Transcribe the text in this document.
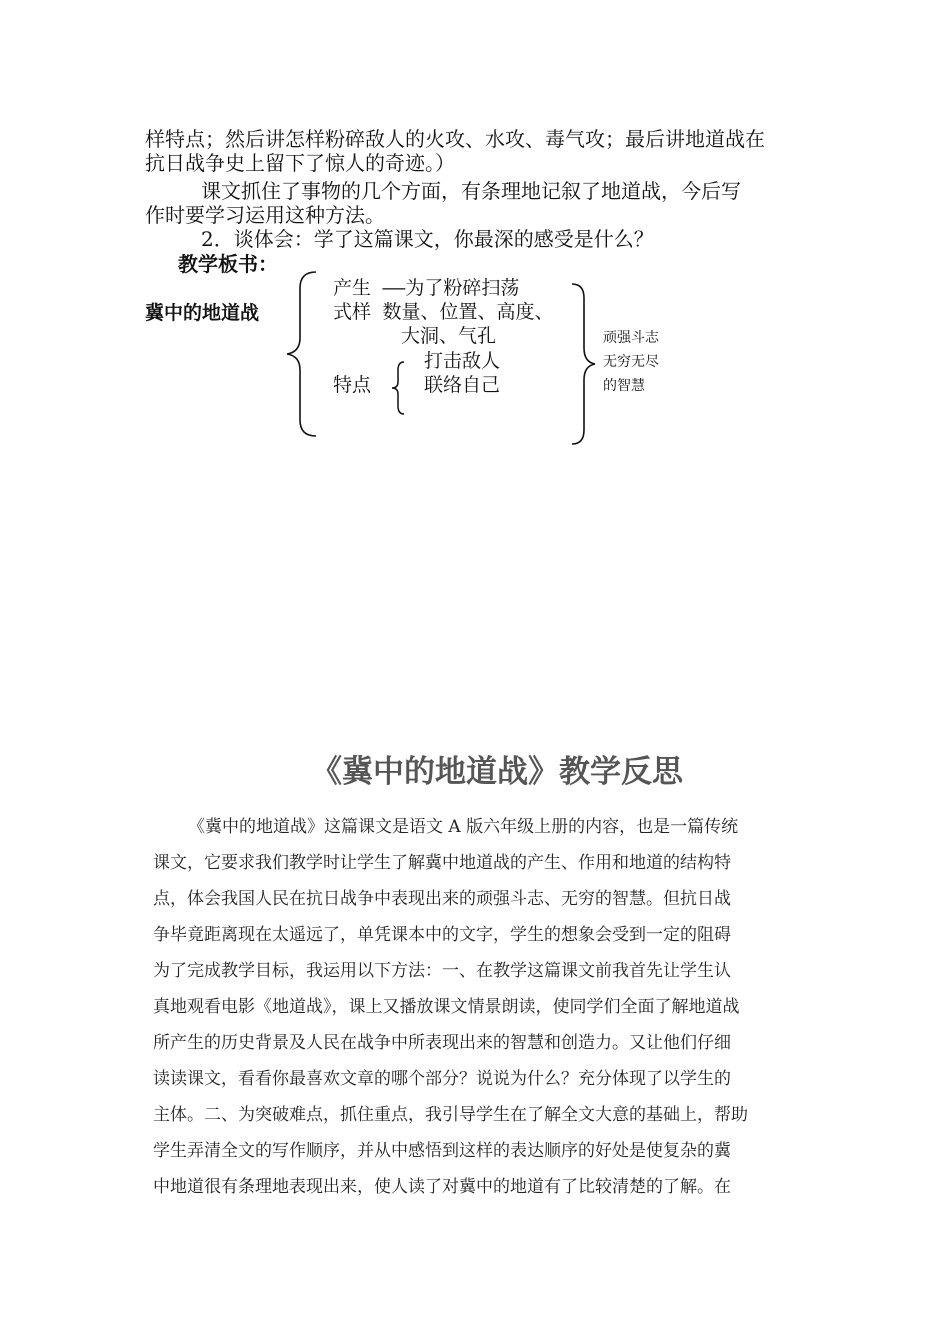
样特点；然后讲怎样粉碎敌人的火攻、水攻、毒气攻；最后讲地道战在
抗日战争史上留下了惊人的奇迹。）
课文抓住了事物的几个方面，有条理地记叙了地道战，今后写
作时要学习运用这种方法。
2．谈体会：学了这篇课文，你最深的感受是什么？
教学板书：
冀中的地道战
产生 ——为了粉碎扫荡
式样 数量、位置、高度、
大洞、气孔
特点
打击敌人
联络自己
顽强斗志
无穷无尽
的智慧
《冀中的地道战》教学反思
《冀中的地道战》这篇课文是语文 A 版六年级上册的内容，也是一篇传统
课文，它要求我们教学时让学生了解冀中地道战的产生、作用和地道的结构特
点，体会我国人民在抗日战争中表现出来的顽强斗志、无穷的智慧。但抗日战
争毕竟距离现在太遥远了，单凭课本中的文字，学生的想象会受到一定的阻碍
为了完成教学目标，我运用以下方法：一、在教学这篇课文前我首先让学生认
真地观看电影《地道战》，课上又播放课文情景朗读，使同学们全面了解地道战
所产生的历史背景及人民在战争中所表现出来的智慧和创造力。又让他们仔细
读读课文，看看你最喜欢文章的哪个部分？说说为什么？充分体现了以学生的
主体。二、为突破难点，抓住重点，我引导学生在了解全文大意的基础上，帮助
学生弄清全文的写作顺序，并从中感悟到这样的表达顺序的好处是使复杂的冀
中地道很有条理地表现出来，使人读了对冀中的地道有了比较清楚的了解。在
